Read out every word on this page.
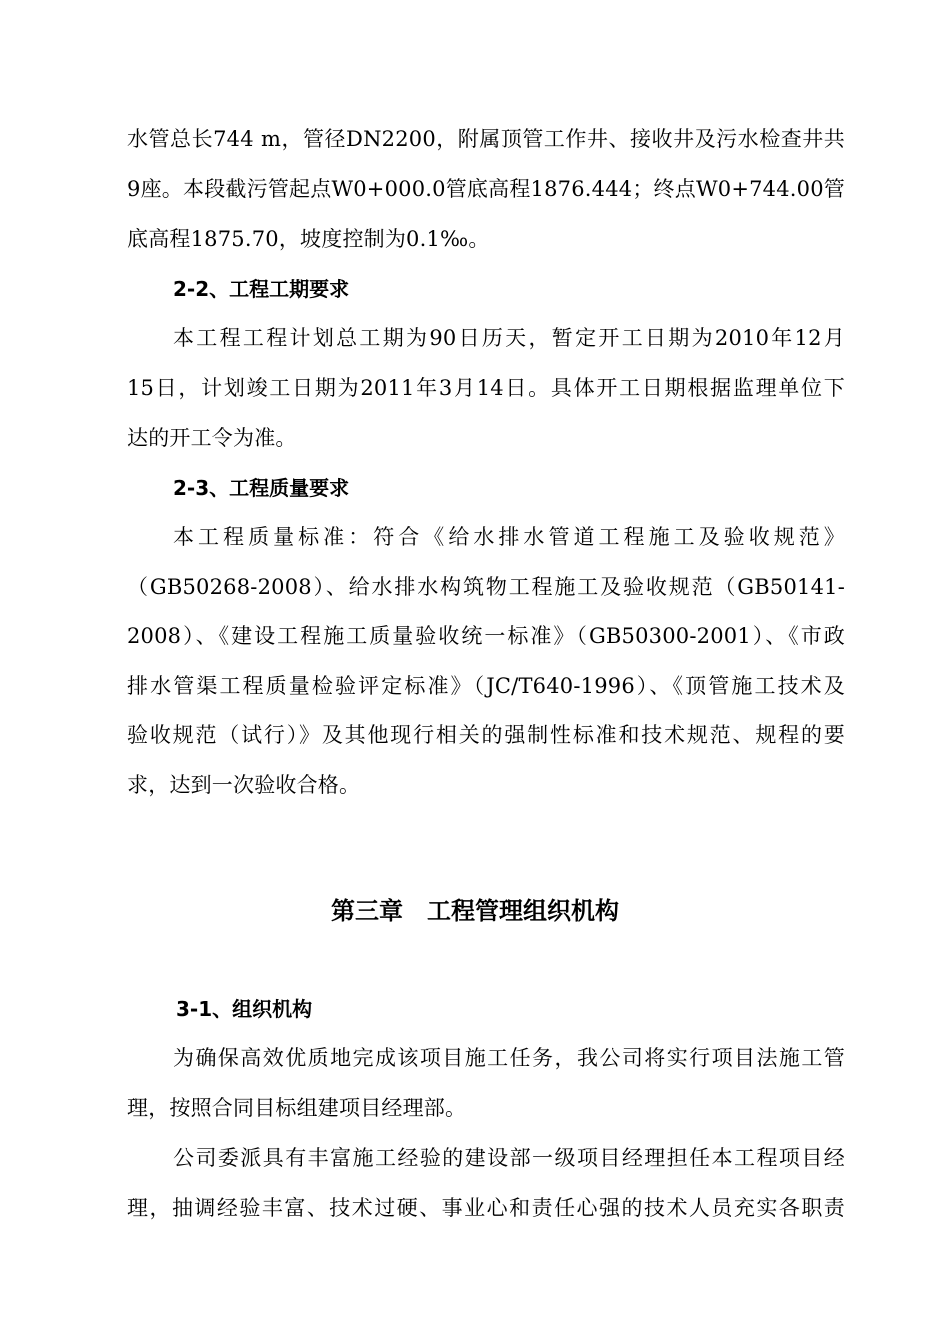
水管总长744 m，管径DN2200，附属顶管工作井、接收井及污水检查井共
9座。本段截污管起点W0+000.0管底高程1876.444；终点W0+744.00管
底高程1875.70，坡度控制为0.1‰。
2-2、工程工期要求
本工程工程计划总工期为90日历天，暂定开工日期为2010年12月
15日，计划竣工日期为2011年3月14日。具体开工日期根据监理单位下
达的开工令为准。
2-3、工程质量要求
本工程质量标准：符合《给水排水管道工程施工及验收规范》
（GB50268-2008）、给水排水构筑物工程施工及验收规范（GB50141-
2008）、《建设工程施工质量验收统一标准》（GB50300-2001）、《市政
排水管渠工程质量检验评定标准》（JC/T640-1996）、《顶管施工技术及
验收规范（试行）》及其他现行相关的强制性标准和技术规范、规程的要
求，达到一次验收合格。
第三章　工程管理组织机构
3-1、组织机构
为确保高效优质地完成该项目施工任务，我公司将实行项目法施工管
理，按照合同目标组建项目经理部。
公司委派具有丰富施工经验的建设部一级项目经理担任本工程项目经
理，抽调经验丰富、技术过硬、事业心和责任心强的技术人员充实各职责
